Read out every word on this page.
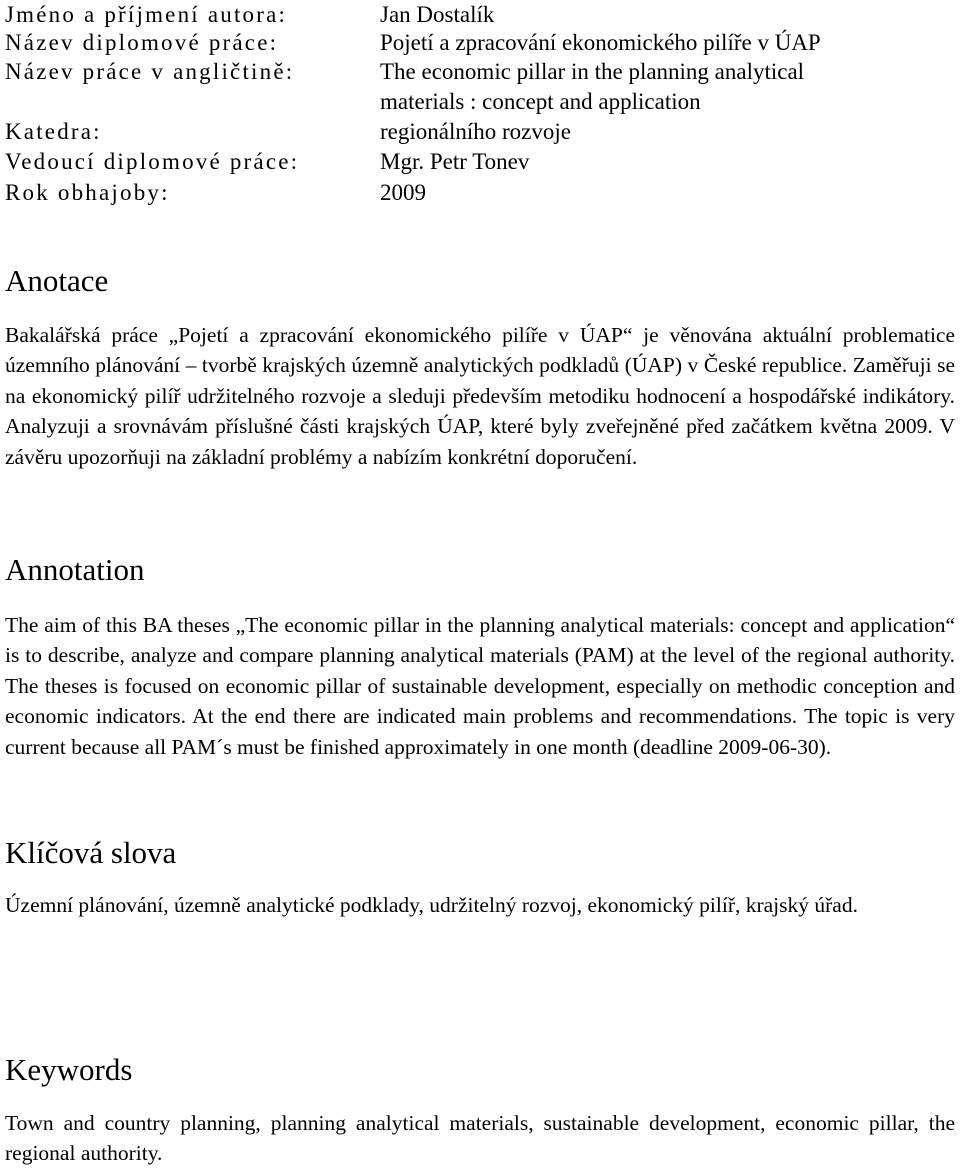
Jméno a příjmení autora:	Jan Dostalík
Název diplomové práce:	Pojetí a zpracování ekonomického pilíře v ÚAP
Název práce v angličtině:	The economic pillar in the planning analytical
materials : concept and application
Katedra:	regionálního rozvoje
Vedoucí diplomové práce:	Mgr. Petr Tonev
Rok obhajoby:	2009
Anotace

Bakalářská práce „Pojetí a zpracování ekonomického pilíře v ÚAP“ je věnována aktuální problematice územního plánování – tvorbě krajských územně analytických podkladů (ÚAP) v České republice. Zaměřuji se na ekonomický pilíř udržitelného rozvoje a sleduji především metodiku hodnocení a hospodářské indikátory. Analyzuji a srovnávám příslušné části krajských ÚAP, které byly zveřejněné před začátkem května 2009. V závěru upozorňuji na základní problémy a nabízím konkrétní doporučení.

Annotation

The aim of this BA theses „The economic pillar in the planning analytical materials: concept and application“ is to describe, analyze and compare planning analytical materials (PAM) at the level of the regional authority. The theses is focused on economic pillar of sustainable development, especially on methodic conception and economic indicators. At the end there are indicated main problems and recommendations. The topic is very current because all PAM´s must be finished approximately in one month (deadline 2009-06-30).

Klíčová slova

Územní plánování, územně analytické podklady, udržitelný rozvoj, ekonomický pilíř, krajský úřad.

Keywords

Town and country planning, planning analytical materials, sustainable development, economic pillar, the regional authority.
